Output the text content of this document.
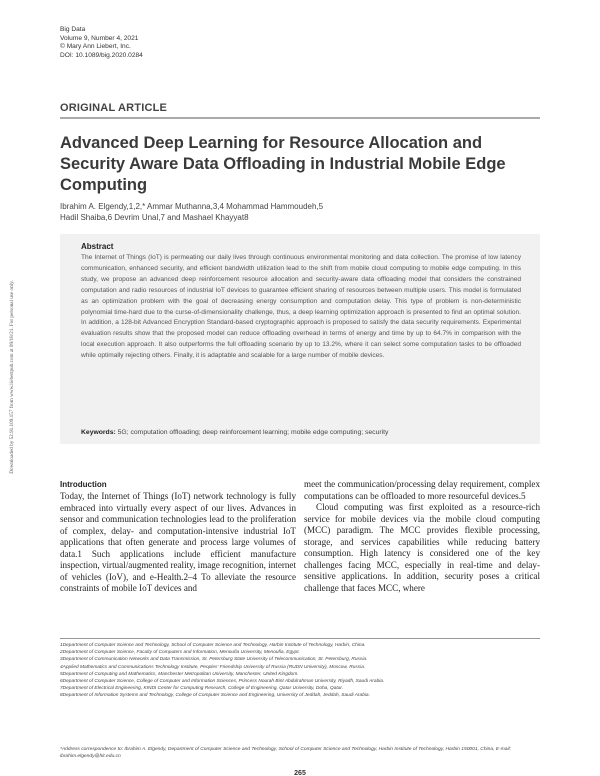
Big Data
Volume 9, Number 4, 2021
© Mary Ann Liebert, Inc.
DOI: 10.1089/big.2020.0284
ORIGINAL ARTICLE
Advanced Deep Learning for Resource Allocation and Security Aware Data Offloading in Industrial Mobile Edge Computing
Ibrahim A. Elgendy,1,2,* Ammar Muthanna,3,4 Mohammad Hammoudeh,5
Hadil Shaiba,6 Devrim Unal,7 and Mashael Khayyat8
Abstract
The Internet of Things (IoT) is permeating our daily lives through continuous environmental monitoring and data collection. The promise of low latency communication, enhanced security, and efficient bandwidth utilization lead to the shift from mobile cloud computing to mobile edge computing. In this study, we propose an advanced deep reinforcement resource allocation and security-aware data offloading model that considers the constrained computation and radio resources of industrial IoT devices to guarantee efficient sharing of resources between multiple users. This model is formulated as an optimization problem with the goal of decreasing energy consumption and computation delay. This type of problem is non-deterministic polynomial time-hard due to the curse-of-dimensionality challenge, thus, a deep learning optimization approach is presented to find an optimal solution. In addition, a 128-bit Advanced Encryption Standard-based cryptographic approach is proposed to satisfy the data security requirements. Experimental evaluation results show that the proposed model can reduce offloading overhead in terms of energy and time by up to 64.7% in comparison with the local execution approach. It also outperforms the full offloading scenario by up to 13.2%, where it can select some computation tasks to be offloaded while optimally rejecting others. Finally, it is adaptable and scalable for a large number of mobile devices.
Keywords: 5G; computation offloading; deep reinforcement learning; mobile edge computing; security
Downloaded by 52.91.109.157 from www.liebertpub.com at 09/18/21. For personal use only.
Introduction

Today, the Internet of Things (IoT) network technology is fully embraced into virtually every aspect of our lives. Advances in sensor and communication technologies lead to the proliferation of complex, delay- and computation-intensive industrial IoT applications that often generate and process large volumes of data.1 Such applications include efficient manufacture inspection, virtual/augmented reality, image recognition, internet of vehicles (IoV), and e-Health.2–4 To alleviate the resource constraints of mobile IoT devices and

meet the communication/processing delay requirement, complex computations can be offloaded to more resourceful devices.5

Cloud computing was first exploited as a resource-rich service for mobile devices via the mobile cloud computing (MCC) paradigm. The MCC provides flexible processing, storage, and services capabilities while reducing battery consumption. High latency is considered one of the key challenges facing MCC, especially in real-time and delay-sensitive applications. In addition, security poses a critical challenge that faces MCC, where

1Department of Computer Science and Technology, School of Computer Science and Technology, Harbin Institute of Technology, Harbin, China.
2Department of Computer Science, Faculty of Computers and Information, Menoufia University, Menoufia, Egypt.
3Department of Communication Networks and Data Transmission, St. Petersburg State University of Telecommunication, St. Petersburg, Russia.
4Applied Mathematics and Communications Technology Institute, Peoples' Friendship University of Russia (RUDN University), Moscow, Russia.
5Department of Computing and Mathematics, Manchester Metropolitan University, Manchester, United Kingdom.
6Department of Computer Science, College of Computer and Information Sciences, Princess Nourah Bint Abdulrahman University, Riyadh, Saudi Arabia.
7Department of Electrical Engineering, KINDI Center for Computing Research, College of Engineering, Qatar University, Doha, Qatar.
8Department of Information Systems and Technology, College of Computer Science and Engineering, University of Jeddah, Jeddah, Saudi Arabia.
*Address correspondence to: Ibrahim A. Elgendy, Department of Computer Science and Technology, School of Computer Science and Technology, Harbin Institute of Technology, Harbin 150001, China, E-mail: ibrahim.elgendy@hit.edu.cn
265
